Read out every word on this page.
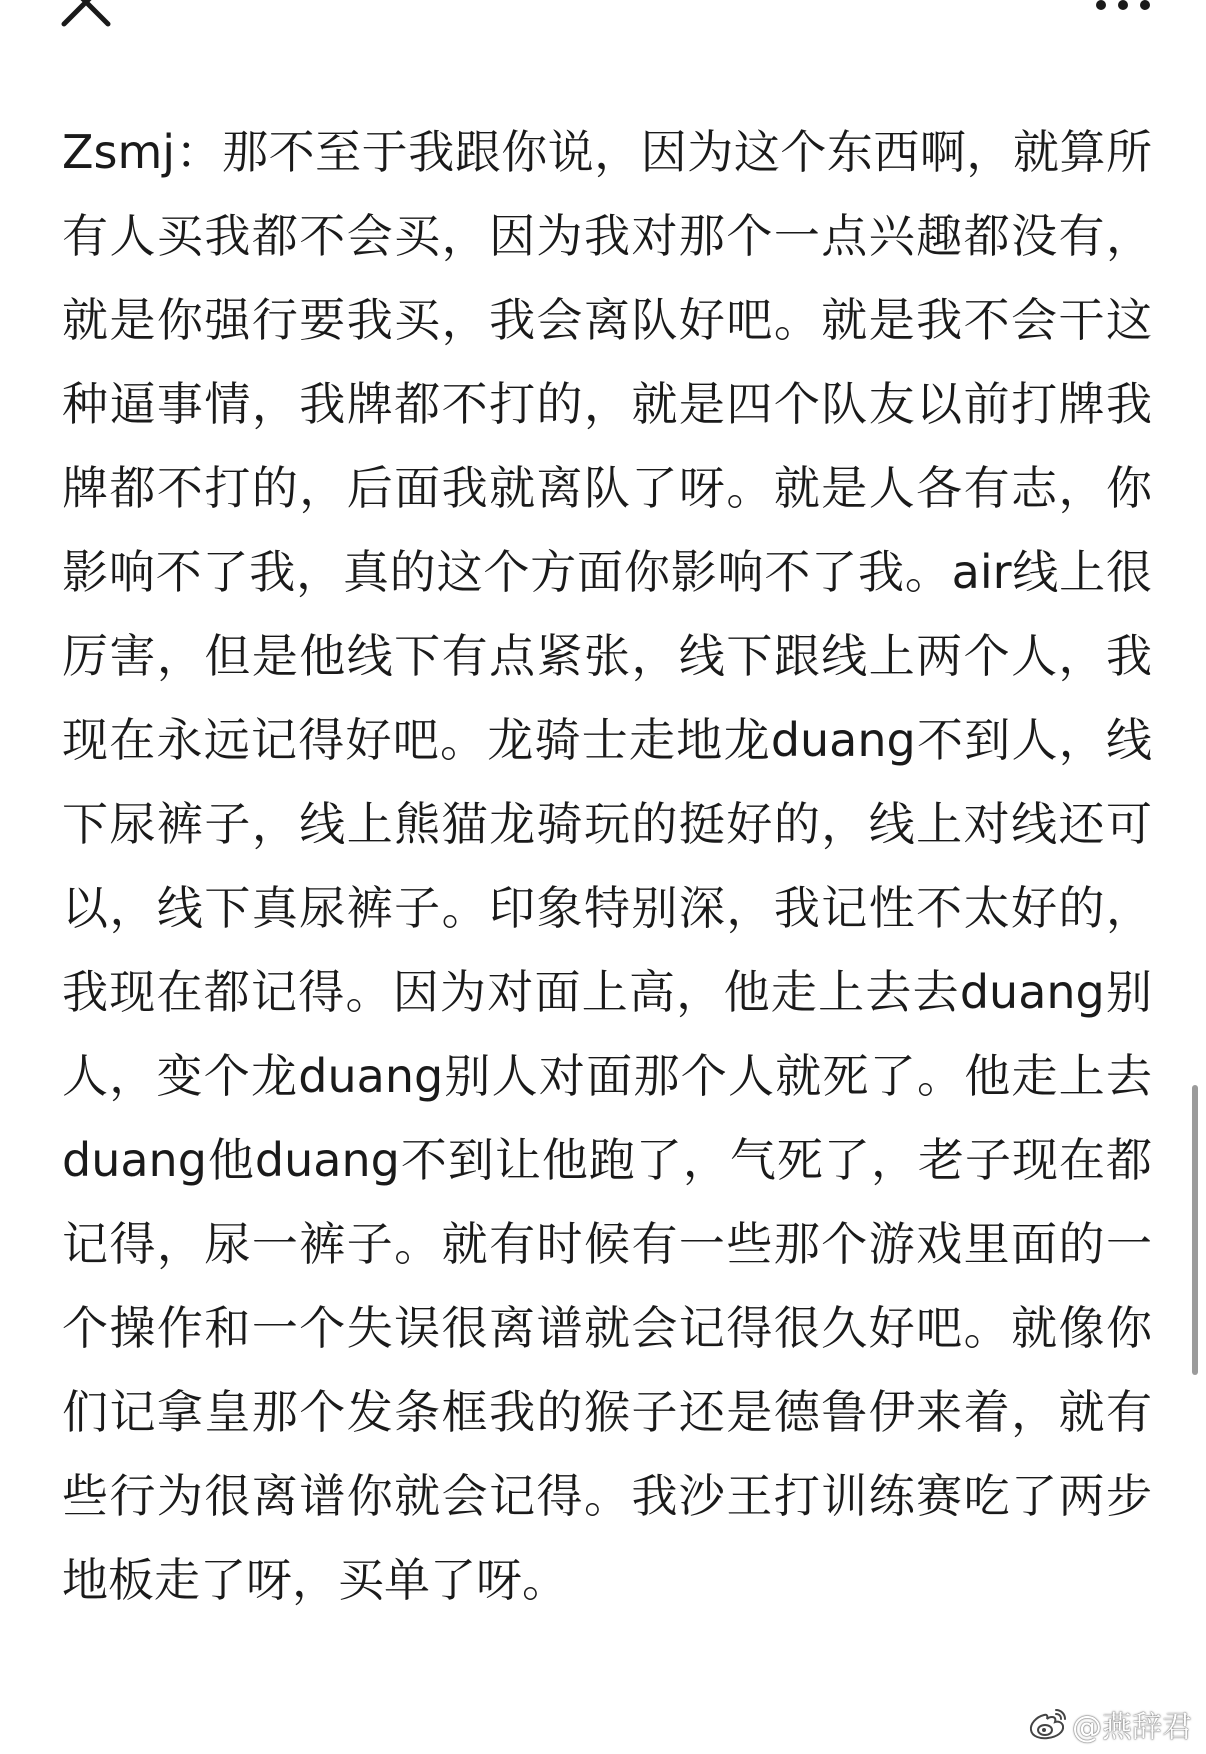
Zsmj：那不至于我跟你说，因为这个东西啊，就算所有人买我都不会买，因为我对那个一点兴趣都没有，就是你强行要我买，我会离队好吧。就是我不会干这种逼事情，我牌都不打的，就是四个队友以前打牌我牌都不打的，后面我就离队了呀。就是人各有志，你影响不了我，真的这个方面你影响不了我。air线上很厉害，但是他线下有点紧张，线下跟线上两个人，我现在永远记得好吧。龙骑士走地龙duang不到人，线下尿裤子，线上熊猫龙骑玩的挺好的，线上对线还可以，线下真尿裤子。印象特别深，我记性不太好的，我现在都记得。因为对面上高，他走上去去duang别人，变个龙duang别人对面那个人就死了。他走上去duang他duang不到让他跑了，气死了，老子现在都记得，尿一裤子。就有时候有一些那个游戏里面的一个操作和一个失误很离谱就会记得很久好吧。就像你们记拿皇那个发条框我的猴子还是德鲁伊来着，就有些行为很离谱你就会记得。我沙王打训练赛吃了两步地板走了呀，买单了呀。

@燕辞君
